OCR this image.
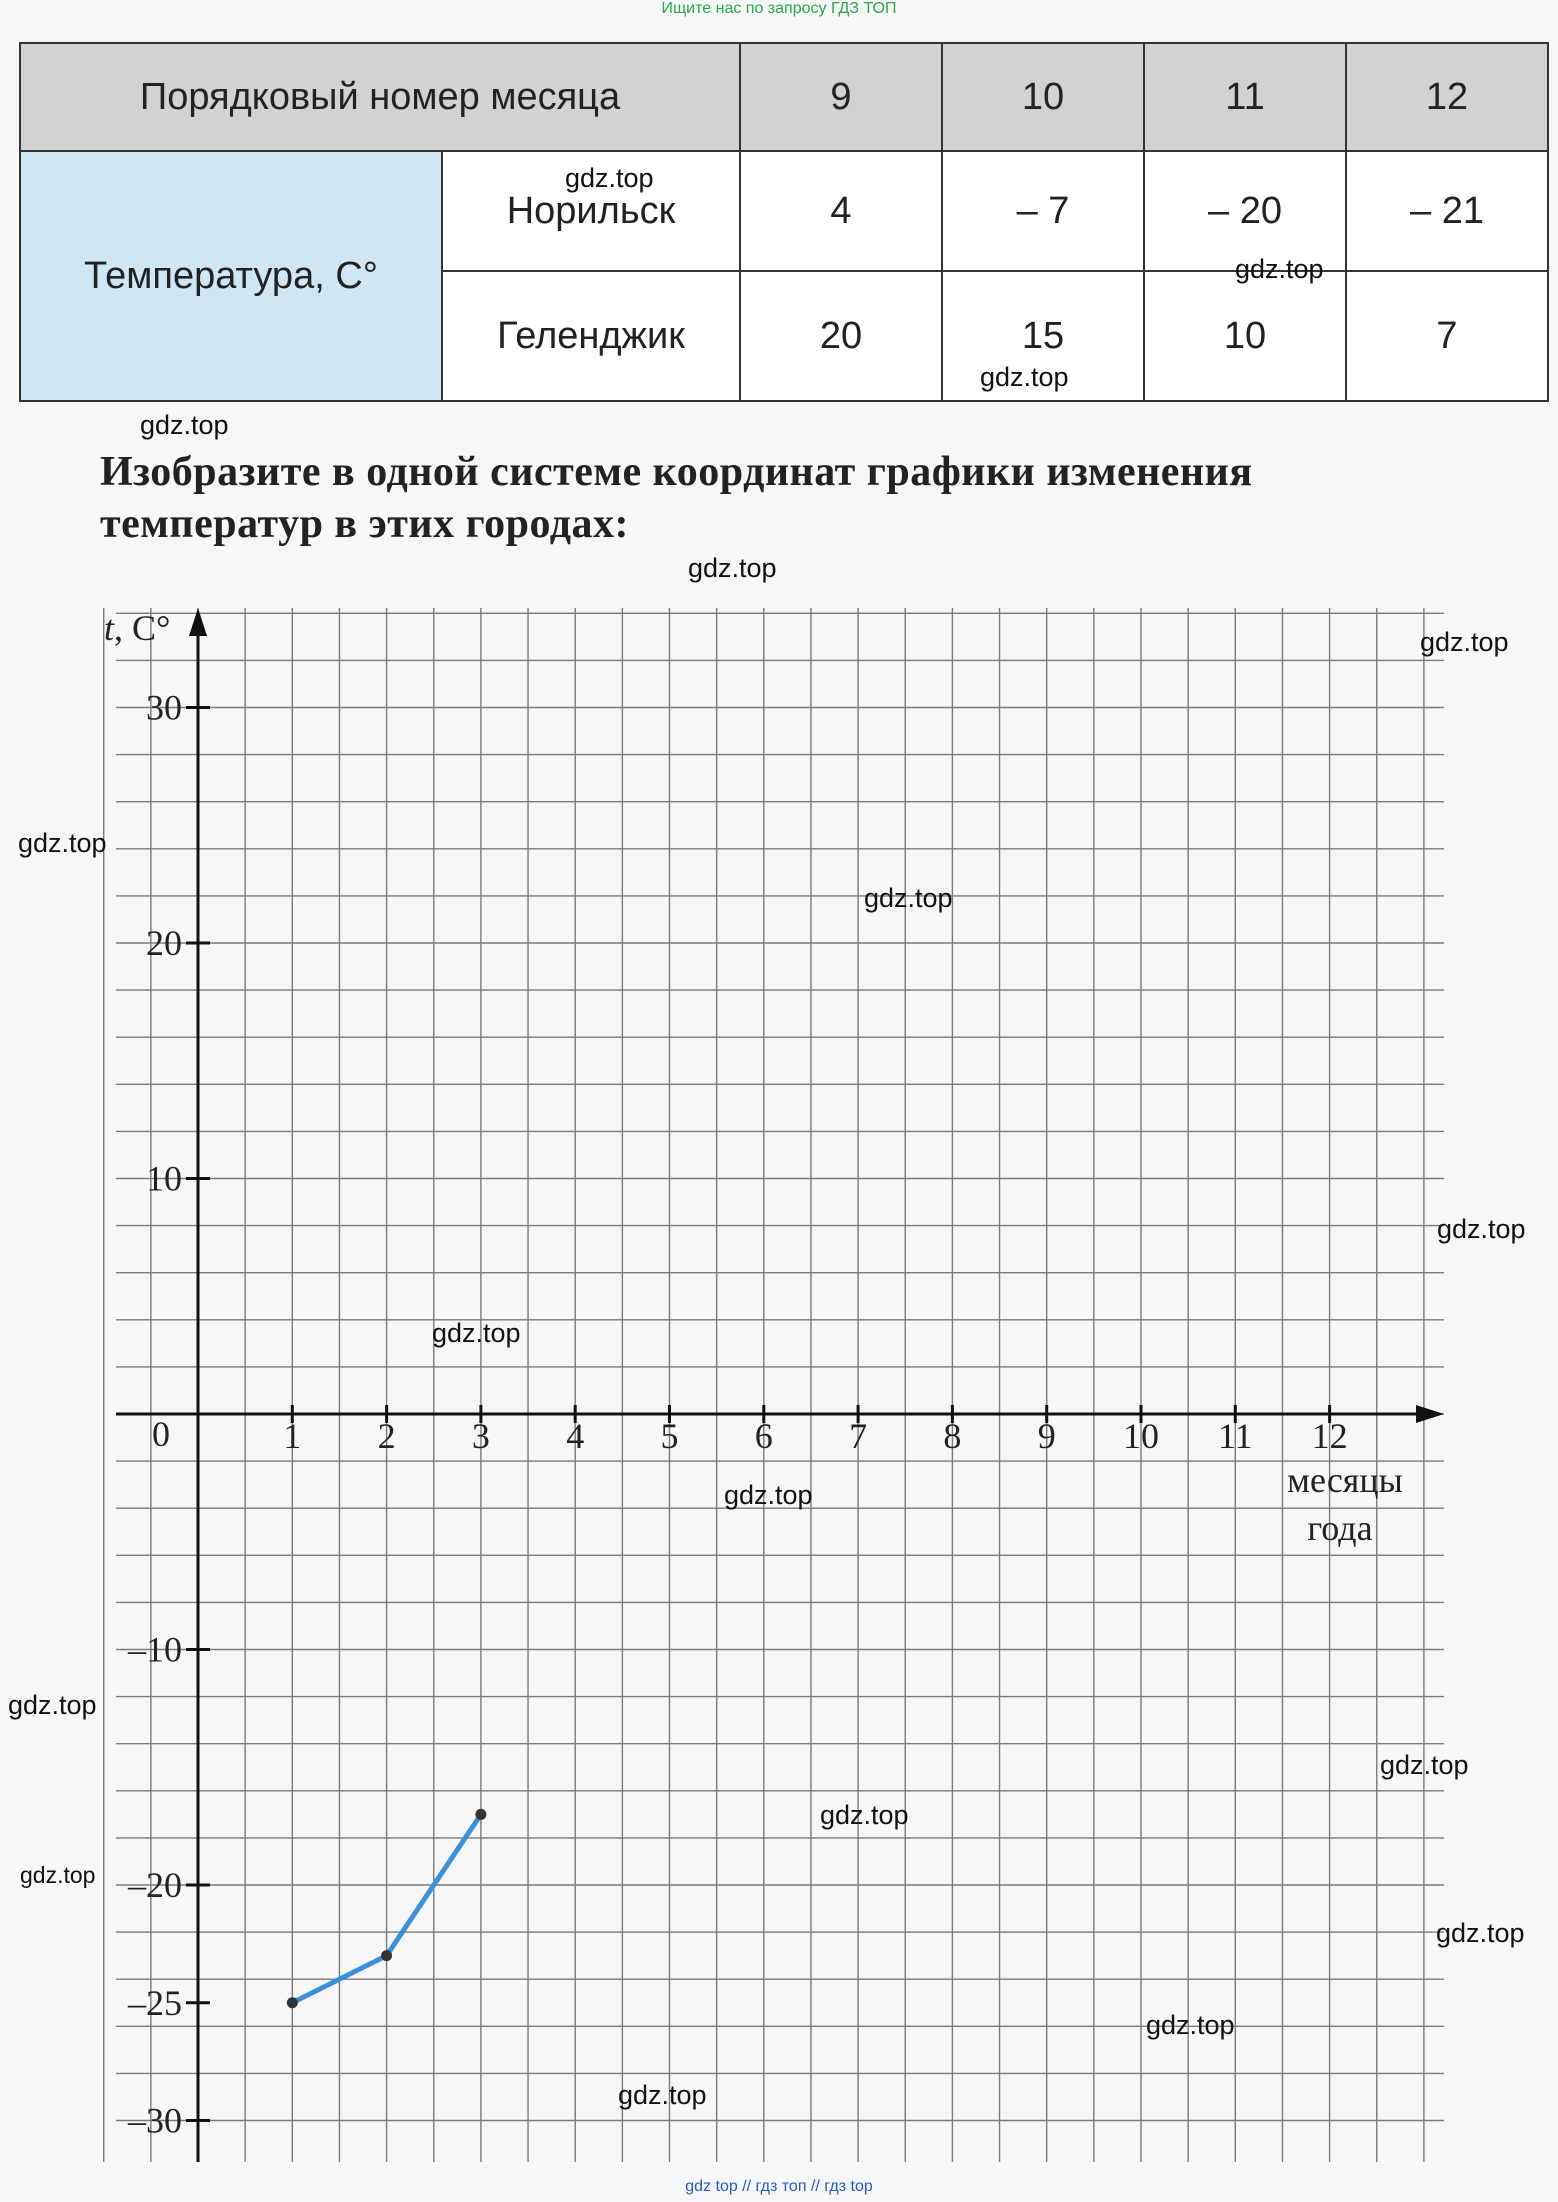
Ищите нас по запросу ГДЗ ТОП
Порядковый номер месяца		9	10	11	12
Температура, С°	Норильск	4	– 7	– 20	– 21
	Геленджик	20	15	10	7
Изобразите в одной системе координат графики изменения
температур в этих городах:
1 2 3 4 5 6 7 8 9 10 11 12
30
20
10
–10
–20
–25
–30
t, С°
месяцы
года
0
gdz.top
gdz.top
gdz.top
gdz.top
gdz.top
gdz.top
gdz.top
gdz.top
gdz.top
gdz.top
gdz.top
gdz.top
gdz.top
gdz.top
gdz.top
gdz.top
gdz.top
gdz.top
gdz top // гдз топ // гдз top
